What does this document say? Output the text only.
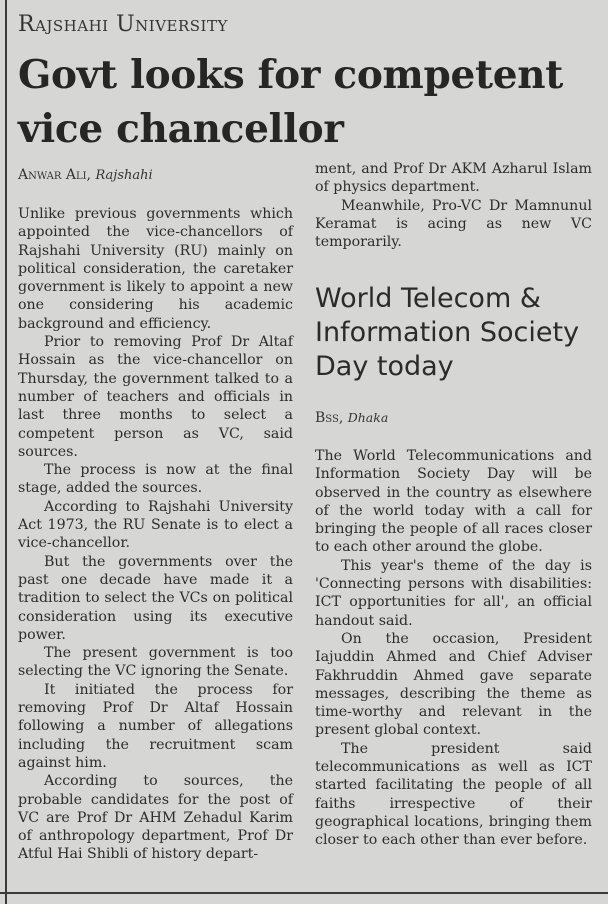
Rajshahi University
Govt looks for competent vice chancellor
Anwar Ali, Rajshahi

Unlike previous governments which appointed the vice-chancellors of Rajshahi University (RU) mainly on political consideration, the caretaker government is likely to appoint a new one considering his academic background and efficiency.

Prior to removing Prof Dr Altaf Hossain as the vice-chancellor on Thursday, the government talked to a number of teachers and officials in last three months to select a competent person as VC, said sources.

The process is now at the final stage, added the sources.

According to Rajshahi University Act 1973, the RU Senate is to elect a vice-chancellor.

But the governments over the past one decade have made it a tradition to select the VCs on political consideration using its executive power.

The present government is too selecting the VC ignoring the Senate.

It initiated the process for removing Prof Dr Altaf Hossain following a number of allegations including the recruitment scam against him.

According to sources, the probable candidates for the post of VC are Prof Dr AHM Zehadul Karim of anthropology department, Prof Dr Atful Hai Shibli of history depart-

ment, and Prof Dr AKM Azharul Islam of physics department.

Meanwhile, Pro-VC Dr Mamnunul Keramat is acing as new VC temporarily.

World Telecom & Information Society Day today
Bss, Dhaka

The World Telecommunications and Information Society Day will be observed in the country as elsewhere of the world today with a call for bringing the people of all races closer to each other around the globe.

This year's theme of the day is 'Connecting persons with disabilities: ICT opportunities for all', an official handout said.

On the occasion, President Iajuddin Ahmed and Chief Adviser Fakhruddin Ahmed gave separate messages, describing the theme as time-worthy and relevant in the present global context.

The president said telecommunications as well as ICT started facilitating the people of all faiths irrespective of their geographical locations, bringing them closer to each other than ever before.
